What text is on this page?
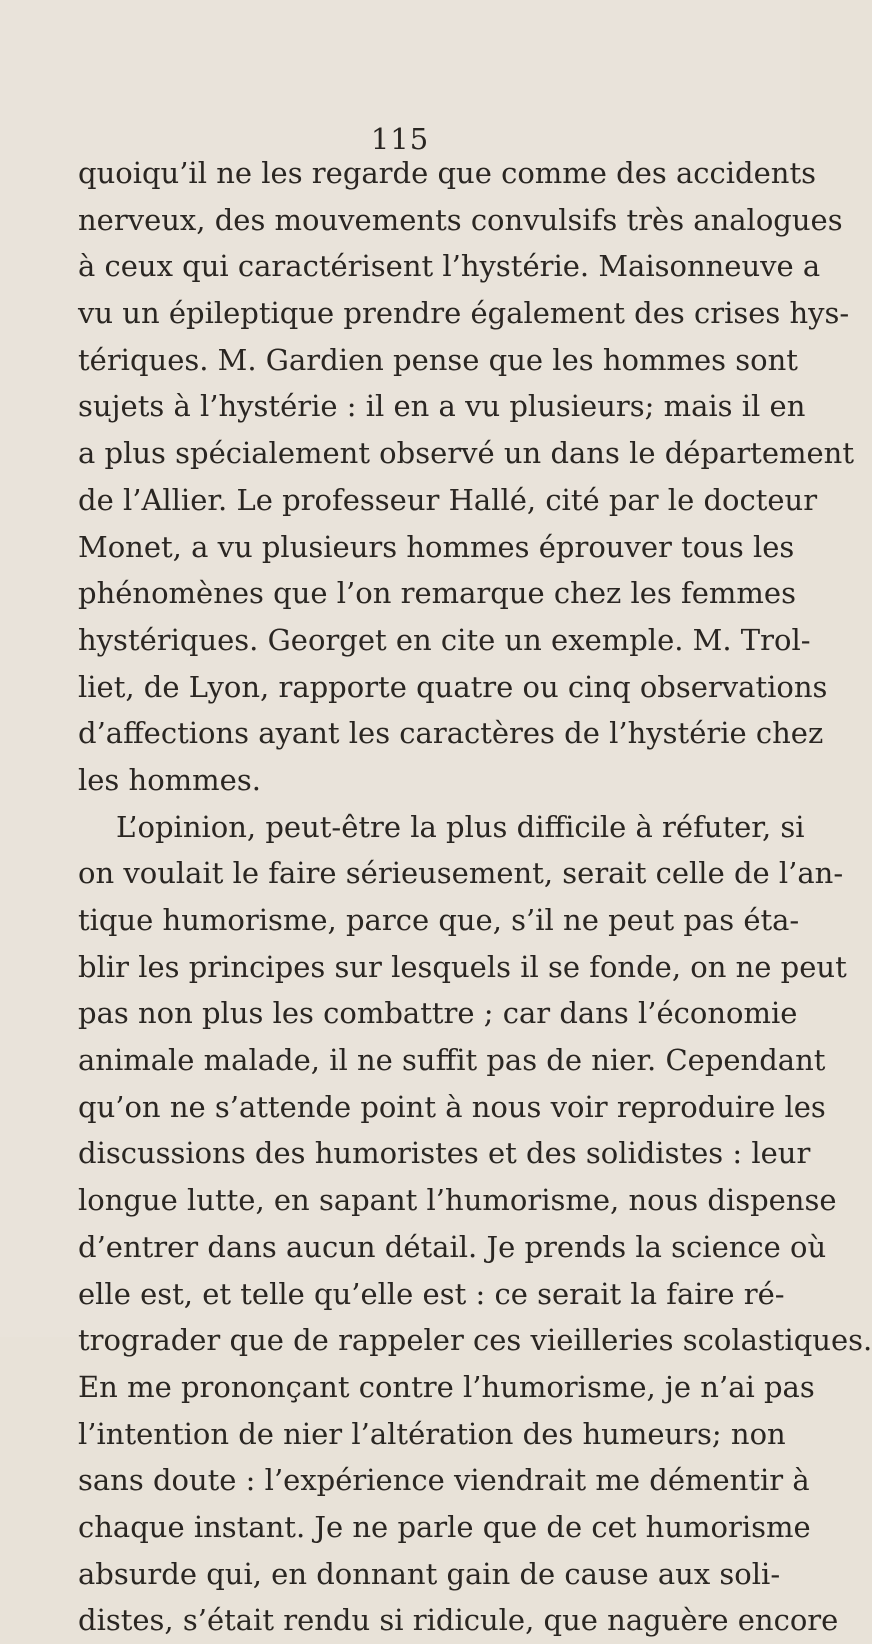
115
quoiqu’il ne les regarde que comme des accidents
nerveux, des mouvements convulsifs très analogues
à ceux qui caractérisent l’hystérie. Maisonneuve a
vu un épileptique prendre également des crises hys-
tériques. M. Gardien pense que les hommes sont
sujets à l’hystérie : il en a vu plusieurs; mais il en
a plus spécialement observé un dans le département
de l’Allier. Le professeur Hallé, cité par le docteur
Monet, a vu plusieurs hommes éprouver tous les
phénomènes que l’on remarque chez les femmes
hystériques. Georget en cite un exemple. M. Trol-
liet, de Lyon, rapporte quatre ou cinq observations
d’affections ayant les caractères de l’hystérie chez
les hommes.
L’opinion, peut-être la plus difficile à réfuter, si
on voulait le faire sérieusement, serait celle de l’an-
tique humorisme, parce que, s’il ne peut pas éta-
blir les principes sur lesquels il se fonde, on ne peut
pas non plus les combattre ; car dans l’économie
animale malade, il ne suffit pas de nier. Cependant
qu’on ne s’attende point à nous voir reproduire les
discussions des humoristes et des solidistes : leur
longue lutte, en sapant l’humorisme, nous dispense
d’entrer dans aucun détail. Je prends la science où
elle est, et telle qu’elle est : ce serait la faire ré-
trograder que de rappeler ces vieilleries scolastiques.
En me prononçant contre l’humorisme, je n’ai pas
l’intention de nier l’altération des humeurs; non
sans doute : l’expérience viendrait me démentir à
chaque instant. Je ne parle que de cet humorisme
absurde qui, en donnant gain de cause aux soli-
distes, s’était rendu si ridicule, que naguère encore
